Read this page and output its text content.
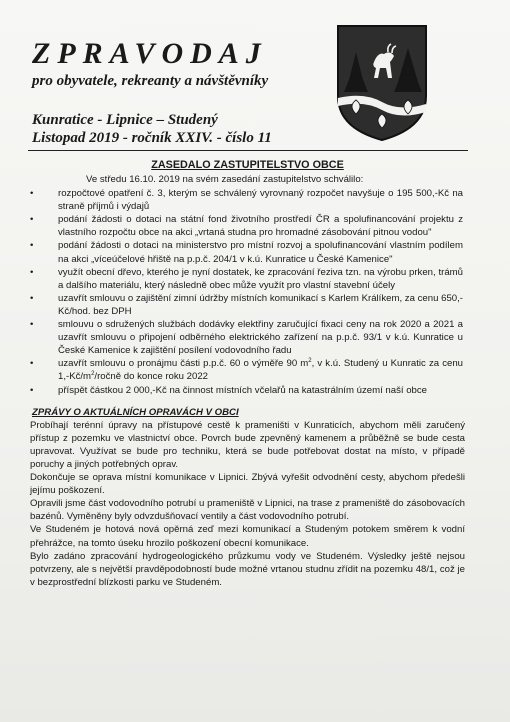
ZPRAVODAJ
pro obyvatele, rekreanty a návštěvníky
Kunratice - Lipnice – Studený
Listopad 2019 - ročník XXIV. - číslo 11
ZASEDALO ZASTUPITELSTVO OBCE
Ve středu 16.10. 2019 na svém zasedání zastupitelstvo schválilo:
• rozpočtové opatření č. 3, kterým se schválený vyrovnaný rozpočet navyšuje o 195 500,-Kč na straně příjmů i výdajů
• podání žádosti o dotaci na státní fond životního prostředí ČR a spolufinancování projektu z vlastního rozpočtu obce na akci „vrtaná studna pro hromadné zásobování pitnou vodou"
• podání žádosti o dotaci na ministerstvo pro místní rozvoj a spolufinancování vlastním podílem na akci „víceúčelové hřiště na p.p.č. 204/1 v k.ú. Kunratice u České Kamenice"
• využít obecní dřevo, kterého je nyní dostatek, ke zpracování řeziva tzn. na výrobu prken, trámů a dalšího materiálu, který následně obec může využít pro vlastní stavební účely
• uzavřít smlouvu o zajištění zimní údržby místních komunikací s Karlem Králíkem, za cenu 650,-Kč/hod. bez DPH
• smlouvu o sdružených službách dodávky elektřiny zaručující fixaci ceny na rok 2020 a 2021 a uzavřít smlouvu o připojení odběrného elektrického zařízení na p.p.č. 93/1 v k.ú. Kunratice u České Kamenice k zajištění posílení vodovodního řadu
• uzavřít smlouvu o pronájmu části p.p.č. 60 o výměře 90 $m^2$, v k.ú. Studený u Kunratic za cenu $1,-Kč/m^2$/ročně do konce roku 2022
• příspět částkou 2 000,-Kč na činnost místních včelařů na katastrálním území naší obce
ZPRÁVY O AKTUÁLNÍCH OPRAVÁCH V OBCI

Probíhají terénní úpravy na přístupové cestě k prameništi v Kunraticích, abychom měli zaručený přístup z pozemku ve vlastnictví obce. Povrch bude zpevněný kamenem a průběžně se bude cesta upravovat. Využívat se bude pro techniku, která se bude potřebovat dostat na místo, v případě poruchy a jiných potřebných oprav.

Dokončuje se oprava místní komunikace v Lipnici. Zbývá vyřešit odvodnění cesty, abychom předešli jejímu poškození.

Opravili jsme část vodovodního potrubí u prameniště v Lipnici, na trase z prameniště do zásobovacích bazénů. Vyměněny byly odvzdušňovací ventily a část vodovodního potrubí.

Ve Studeném je hotová nová opěrná zeď mezi komunikací a Studeným potokem směrem k vodní přehrážce, na tomto úseku hrozilo poškození obecní komunikace.

Bylo zadáno zpracování hydrogeologického průzkumu vody ve Studeném. Výsledky ještě nejsou potvrzeny, ale s největší pravděpodobností bude možné vrtanou studnu zřídit na pozemku 48/1, což je v bezprostřední blízkosti parku ve Studeném.
